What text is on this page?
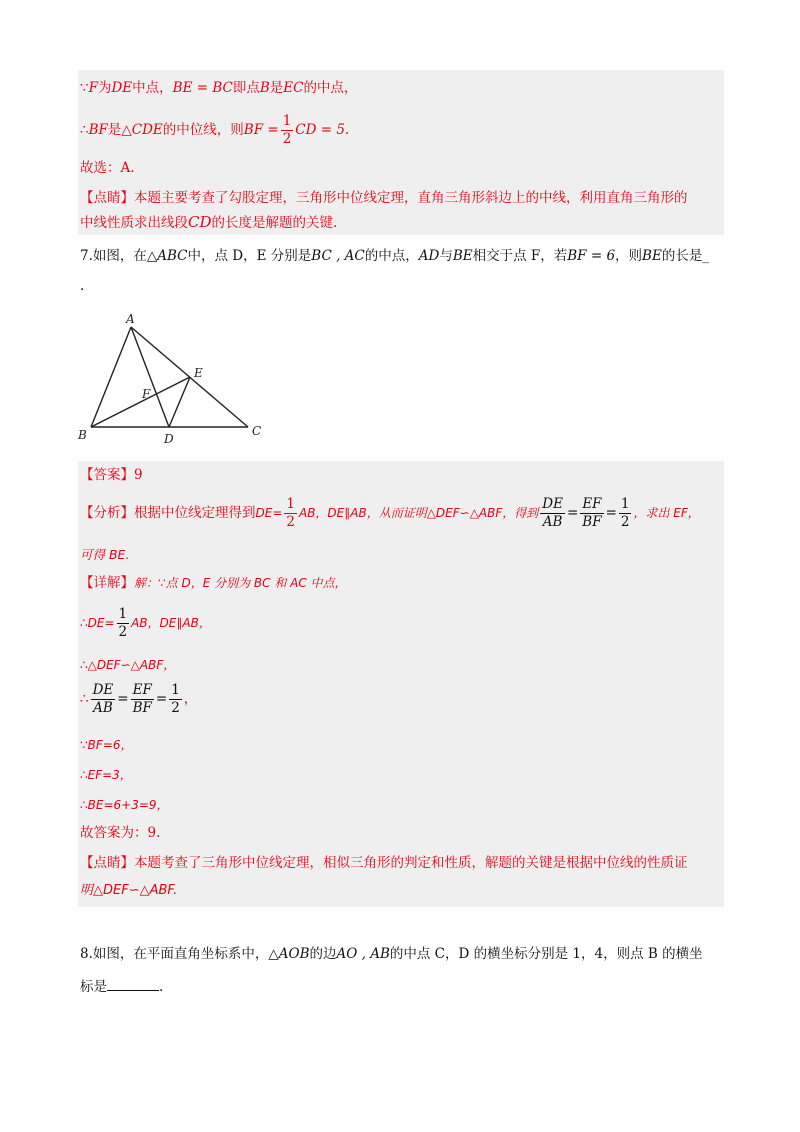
∵F为DE中点，BE = BC即点B是EC的中点，
∴BF是△CDE的中位线，则BF = $\frac{1}{2}$ CD = 5.
故选：A.
【点睛】本题主要考查了勾股定理，三角形中位线定理，直角三角形斜边上的中线，利用直角三角形的
中线性质求出线段CD的长度是解题的关键.
7.如图，在△ABC中，点 D，E 分别是BC , AC的中点，AD与BE相交于点 F，若BF = 6，则BE的长是_
.
A
B	C
D
E
F
【答案】9
【分析】根据中位线定理得到$DE= \frac{1}{2}$ AB，DE∥AB，从而证明△DEF∽△ABF，得到 $\frac{DE}{AB} = \frac{EF}{BF} = \frac{1}{2}$ ，求出 EF，
可得 BE.
【详解】解：∵点 D，E 分别为 BC 和 AC 中点，
∴DE= $\frac{1}{2}$ AB，DE∥AB，
∴△DEF∽△ABF，
∴ $\frac{DE}{AB} = \frac{EF}{BF} = \frac{1}{2}$ ，
∵BF=6，
∴EF=3，
∴BE=6+3=9，
故答案为：9.
【点睛】本题考查了三角形中位线定理，相似三角形的判定和性质，解题的关键是根据中位线的性质证
明△DEF∽△ABF.
8.如图，在平面直角坐标系中，△AOB的边AO , AB的中点 C，D 的横坐标分别是 1，4，则点 B 的横坐
标是	.
